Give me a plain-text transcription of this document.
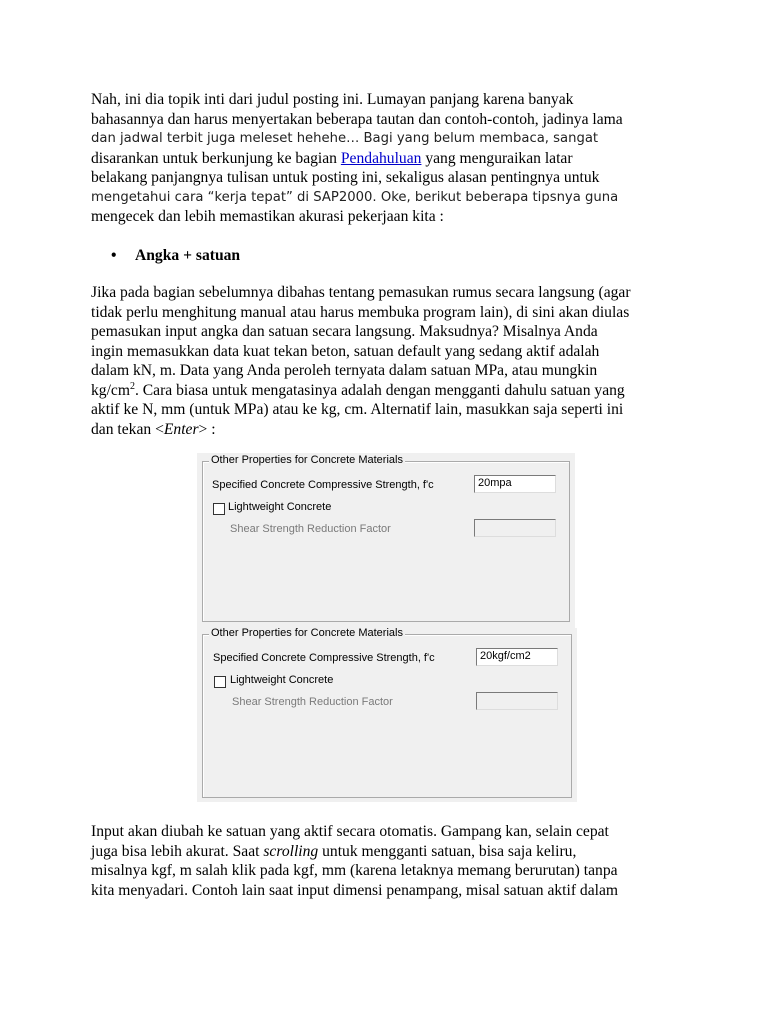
Nah, ini dia topik inti dari judul posting ini. Lumayan panjang karena banyak
bahasannya dan harus menyertakan beberapa tautan dan contoh-contoh, jadinya lama
dan jadwal terbit juga meleset hehehe… Bagi yang belum membaca, sangat
disarankan untuk berkunjung ke bagian Pendahuluan yang menguraikan latar
belakang panjangnya tulisan untuk posting ini, sekaligus alasan pentingnya untuk
mengetahui cara “kerja tepat” di SAP2000. Oke, berikut beberapa tipsnya guna
mengecek dan lebih memastikan akurasi pekerjaan kita :
• Angka + satuan
Jika pada bagian sebelumnya dibahas tentang pemasukan rumus secara langsung (agar
tidak perlu menghitung manual atau harus membuka program lain), di sini akan diulas
pemasukan input angka dan satuan secara langsung. Maksudnya? Misalnya Anda
ingin memasukkan data kuat tekan beton, satuan default yang sedang aktif adalah
dalam kN, m. Data yang Anda peroleh ternyata dalam satuan MPa, atau mungkin
$kg/cm^2$. Cara biasa untuk mengatasinya adalah dengan mengganti dahulu satuan yang
aktif ke N, mm (untuk MPa) atau ke kg, cm. Alternatif lain, masukkan saja seperti ini
dan tekan <Enter> :
Other Properties for Concrete Materials
Specified Concrete Compressive Strength, f'c	20mpa
Lightweight Concrete
Shear Strength Reduction Factor
Other Properties for Concrete Materials
Specified Concrete Compressive Strength, f'c	20kgf/cm2
Lightweight Concrete
Shear Strength Reduction Factor
Input akan diubah ke satuan yang aktif secara otomatis. Gampang kan, selain cepat
juga bisa lebih akurat. Saat scrolling untuk mengganti satuan, bisa saja keliru,
misalnya kgf, m salah klik pada kgf, mm (karena letaknya memang berurutan) tanpa
kita menyadari. Contoh lain saat input dimensi penampang, misal satuan aktif dalam
